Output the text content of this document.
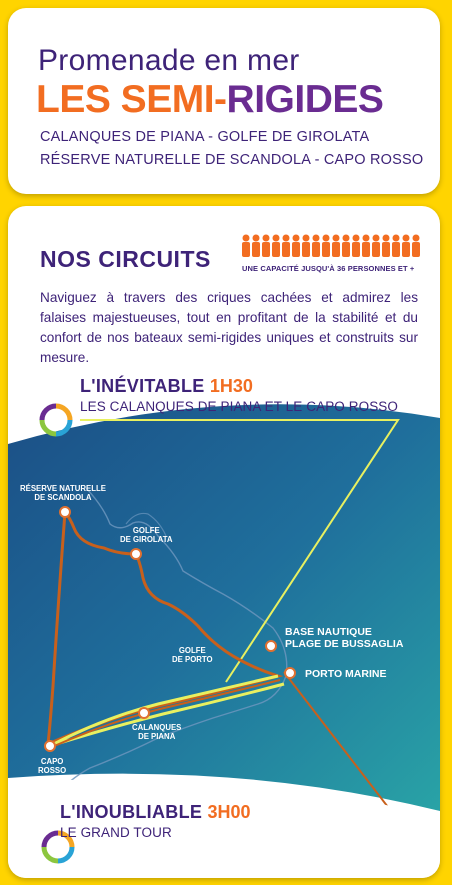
Promenade en mer
LES SEMI-RIGIDES
CALANQUES DE PIANA - GOLFE DE GIROLATA
RÉSERVE NATURELLE DE SCANDOLA - CAPO ROSSO
NOS CIRCUITS	UNE CAPACITÉ JUSQU'À 36 PERSONNES ET +
Naviguez à travers des criques cachées et admirez les falaises majestueuses, tout en profitant de la stabilité et du confort de nos bateaux semi-rigides uniques et construits sur mesure.
L'INÉVITABLE 1H30
LES CALANQUES DE PIANA ET LE CAPO ROSSO
RÉSERVE NATURELLE
DE SCANDOLA
GOLFE
DE GIROLATA
GOLFE
DE PORTO
BASE NAUTIQUE
PLAGE DE BUSSAGLIA
PORTO MARINE
CALANQUES
DE PIANA
CAPO
ROSSO
L'INOUBLIABLE 3H00
LE GRAND TOUR
